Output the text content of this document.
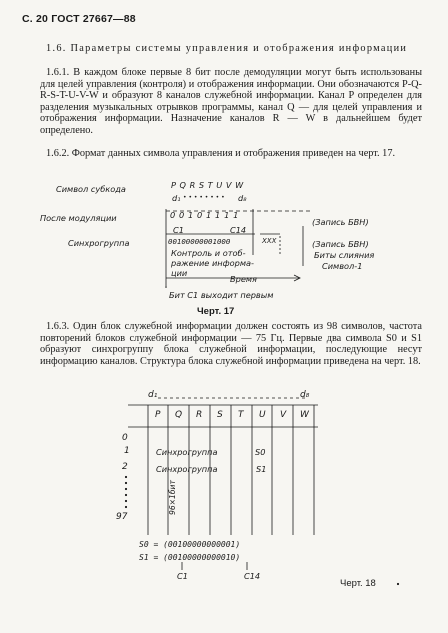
С. 20 ГОСТ 27667—88
1.6. Параметры системы управления и отображения информации
1.6.1. В каждом блоке первые 8 бит после демодуляции могут быть использованы для целей управления (контроля) и отображения информации. Они обозначаются P-Q-R-S-T-U-V-W и образуют 8 каналов служебной информации. Канал P определен для разделения музыкальных отрывков программы, канал Q — для целей управления и отображения информации. Назначение каналов R — W в дальнейшем будет определено.
1.6.2. Формат данных символа управления и отображения приведен на черт. 17.
Символ субкода	P Q R S T U V W
d₁ • • • • • • • • d₈
После модуляции	0 0 1 0 1 1 1 1
C1	C14
Синхрогруппа	00100000001000
Контроль и отоб-
ражение информа-
ции
XXX
(Запись БВН)
(Запись БВН)
Биты слияния
Символ-1
Время
Бит C1 выходит первым
Черт. 17
1.6.3. Один блок служебной информации должен состоять из 98 символов, частота повторений блоков служебной информации — 75 Гц. Первые два символа S0 и S1 образуют синхрогруппу блока служебной информации, последующие несут информацию каналов. Структура блока служебной информации приведена на черт. 18.
d₁	d₈
P Q R S T U V W
0
1
2
97
Синхрогруппа	S0
Синхрогруппа	S1
96×1бит
S0 = (00100000000001)
S1 = (00100000000010)
C1	C14
Черт. 18
